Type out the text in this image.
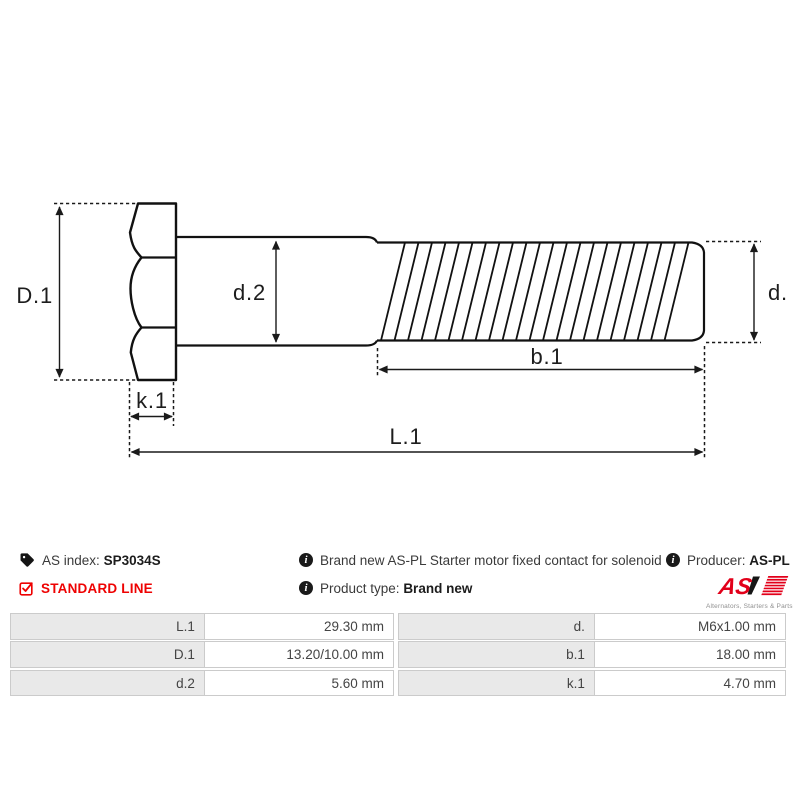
D.1	d.2	d.
k.1
b.1
L.1
AS index: SP3034S
STANDARD LINE
i Brand new AS-PL Starter motor fixed contact for solenoid
i Product type: Brand new
i Producer: AS-PL
AS
Alternators, Starters & Parts
L.1	29.30 mm
D.1	13.20/10.00 mm
d.2	5.60 mm
d.	M6x1.00 mm
b.1	18.00 mm
k.1	4.70 mm
